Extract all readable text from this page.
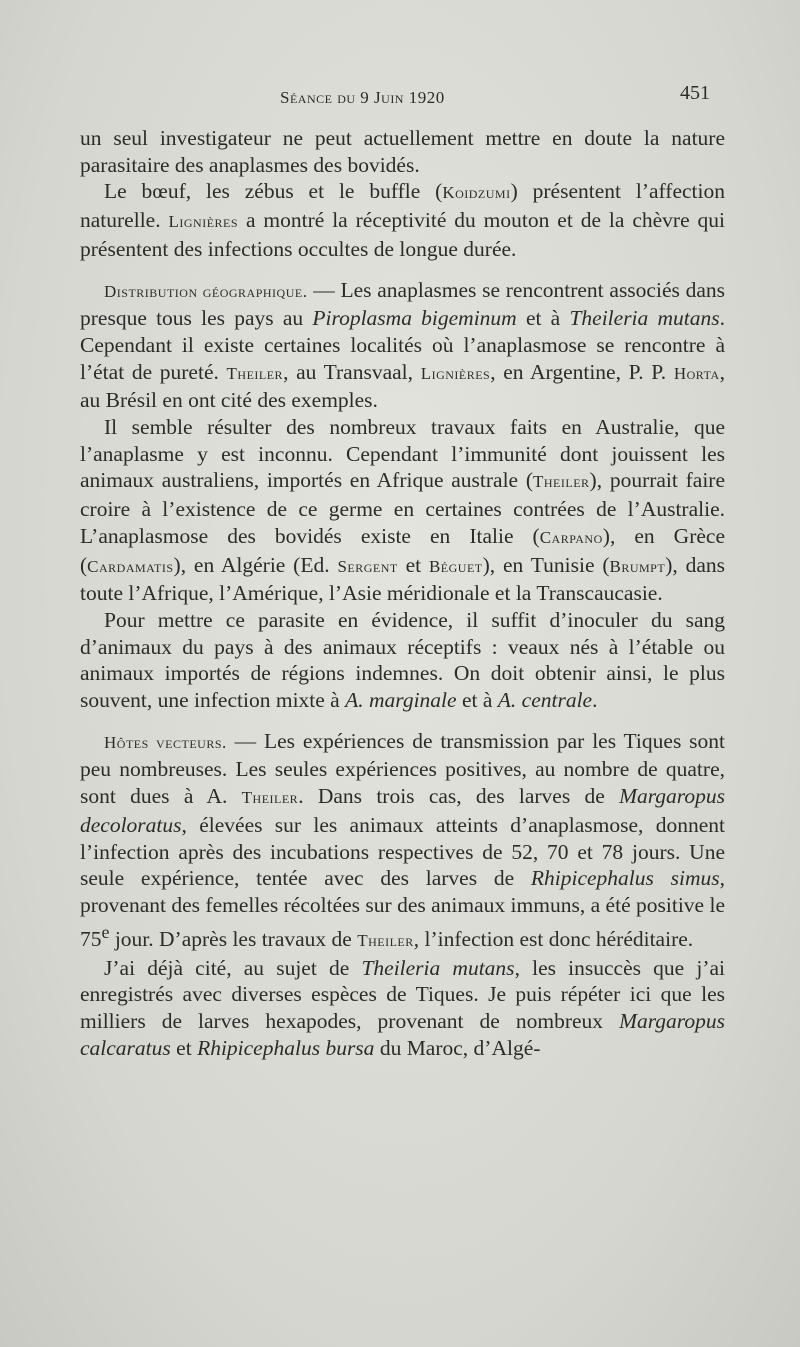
Séance du 9 Juin 1920	451

un seul investigateur ne peut actuellement mettre en doute la nature parasitaire des anaplasmes des bovidés.

Le bœuf, les zébus et le buffle (Koidzumi) présentent l’affection naturelle. Lignières a montré la réceptivité du mouton et de la chèvre qui présentent des infections occultes de longue durée.

Distribution géographique. — Les anaplasmes se rencontrent associés dans presque tous les pays au Piroplasma bigeminum et à Theileria mutans. Cependant il existe certaines localités où l’anaplasmose se rencontre à l’état de pureté. Theiler, au Transvaal, Lignières, en Argentine, P. P. Horta, au Brésil en ont cité des exemples.

Il semble résulter des nombreux travaux faits en Australie, que l’anaplasme y est inconnu. Cependant l’immunité dont jouissent les animaux australiens, importés en Afrique australe (Theiler), pourrait faire croire à l’existence de ce germe en certaines contrées de l’Australie. L’anaplasmose des bovidés existe en Italie (Carpano), en Grèce (Cardamatis), en Algérie (Ed. Sergent et Béguet), en Tunisie (Brumpt), dans toute l’Afrique, l’Amérique, l’Asie méridionale et la Transcaucasie.

Pour mettre ce parasite en évidence, il suffit d’inoculer du sang d’animaux du pays à des animaux réceptifs : veaux nés à l’étable ou animaux importés de régions indemnes. On doit obtenir ainsi, le plus souvent, une infection mixte à A. marginale et à A. centrale.

Hôtes vecteurs. — Les expériences de transmission par les Tiques sont peu nombreuses. Les seules expériences positives, au nombre de quatre, sont dues à A. Theiler. Dans trois cas, des larves de Margaropus decoloratus, élevées sur les animaux atteints d’anaplasmose, donnent l’infection après des incubations respectives de 52, 70 et 78 jours. Une seule expérience, tentée avec des larves de Rhipicephalus simus, provenant des femelles récoltées sur des animaux immuns, a été positive le 75e jour. D’après les travaux de Theiler, l’infection est donc héréditaire.

J’ai déjà cité, au sujet de Theileria mutans, les insuccès que j’ai enregistrés avec diverses espèces de Tiques. Je puis répéter ici que les milliers de larves hexapodes, provenant de nombreux Margaropus calcaratus et Rhipicephalus bursa du Maroc, d’Algé-
